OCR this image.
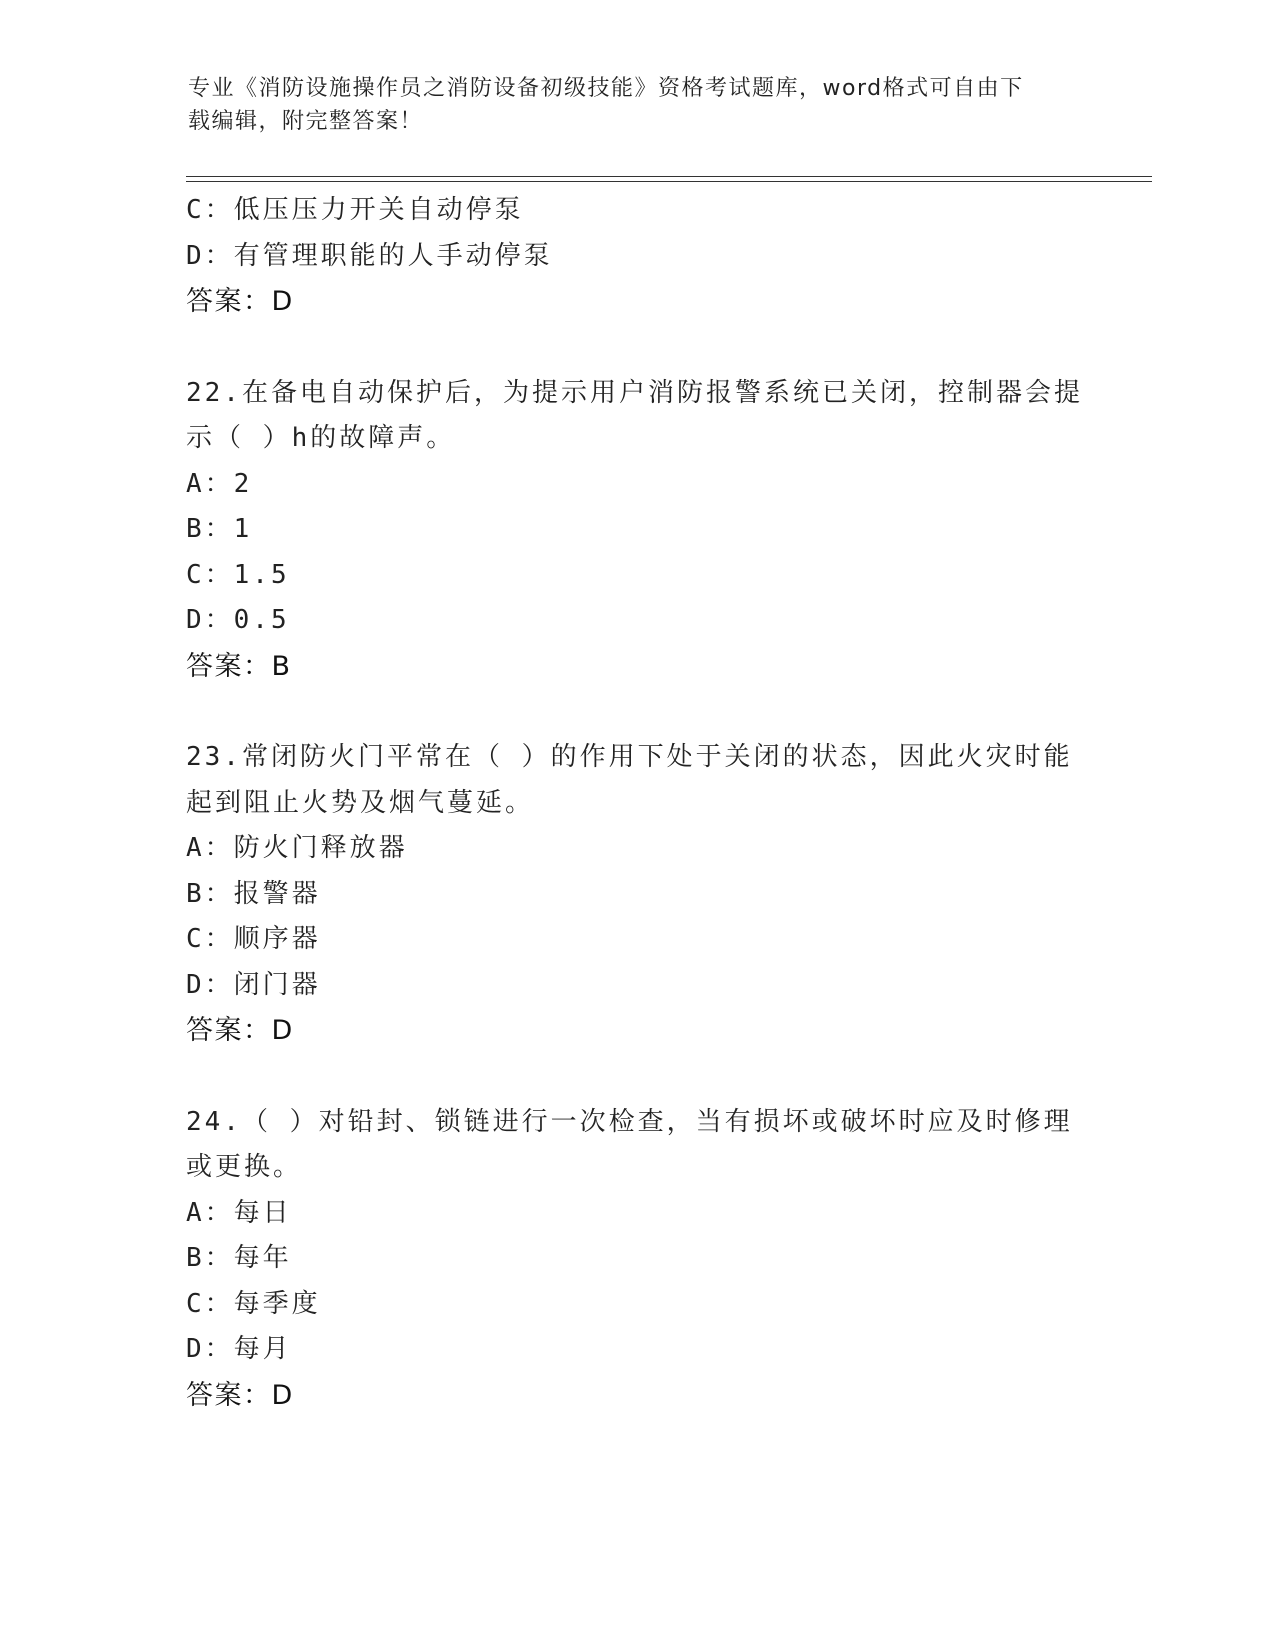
专业《消防设施操作员之消防设备初级技能》资格考试题库，word格式可自由下
载编辑，附完整答案！
C：低压压力开关自动停泵
D：有管理职能的人手动停泵
答案：D
22.在备电自动保护后，为提示用户消防报警系统已关闭，控制器会提
示（ ）h的故障声。
A：2
B：1
C：1.5
D：0.5
答案：B
23.常闭防火门平常在（ ）的作用下处于关闭的状态，因此火灾时能
起到阻止火势及烟气蔓延。
A：防火门释放器
B：报警器
C：顺序器
D：闭门器
答案：D
24.（ ）对铅封、锁链进行一次检查，当有损坏或破坏时应及时修理
或更换。
A：每日
B：每年
C：每季度
D：每月
答案：D
